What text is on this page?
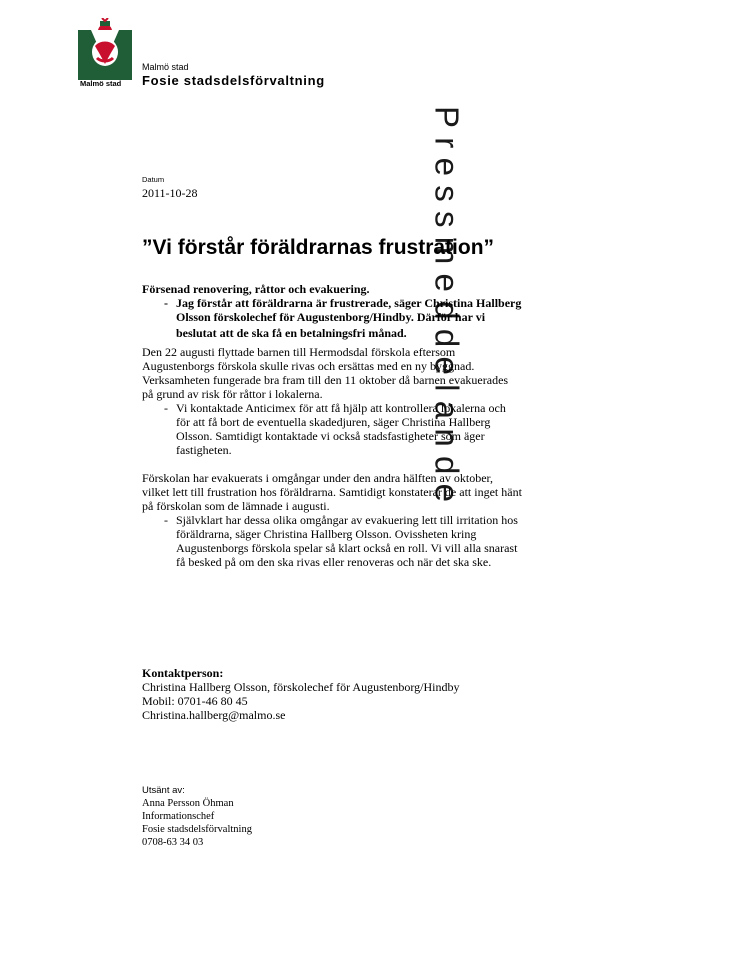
Malmö stad
Malmö stad
Fosie stadsdelsförvaltning
Pressmeddelande
Datum
2011-10-28
”Vi förstår föräldrarnas frustration”

Försenad renovering, råttor och evakuering.

- Jag förstår att föräldrarna är frustrerade, säger Christina Hallberg

Olsson förskolechef för Augustenborg/Hindby. Därför har vi

beslutat att de ska få en betalningsfri månad.

Den 22 augusti flyttade barnen till Hermodsdal förskola eftersom

Augustenborgs förskola skulle rivas och ersättas med en ny byggnad.

Verksamheten fungerade bra fram till den 11 oktober då barnen evakuerades

på grund av risk för råttor i lokalerna.

- Vi kontaktade Anticimex för att få hjälp att kontrollera lokalerna och

för att få bort de eventuella skadedjuren, säger Christina Hallberg

Olsson. Samtidigt kontaktade vi också stadsfastigheter som äger

fastigheten.

Förskolan har evakuerats i omgångar under den andra hälften av oktober,

vilket lett till frustration hos föräldrarna. Samtidigt konstaterar de att inget hänt

på förskolan som de lämnade i augusti.

- Självklart har dessa olika omgångar av evakuering lett till irritation hos

föräldrarna, säger Christina Hallberg Olsson. Ovissheten kring

Augustenborgs förskola spelar så klart också en roll. Vi vill alla snarast

få besked på om den ska rivas eller renoveras och när det ska ske.

Kontaktperson:

Christina Hallberg Olsson, förskolechef för Augustenborg/Hindby

Mobil: 0701-46 80 45

Christina.hallberg@malmo.se

Utsänt av:

Anna Persson Öhman

Informationschef

Fosie stadsdelsförvaltning

0708-63 34 03
